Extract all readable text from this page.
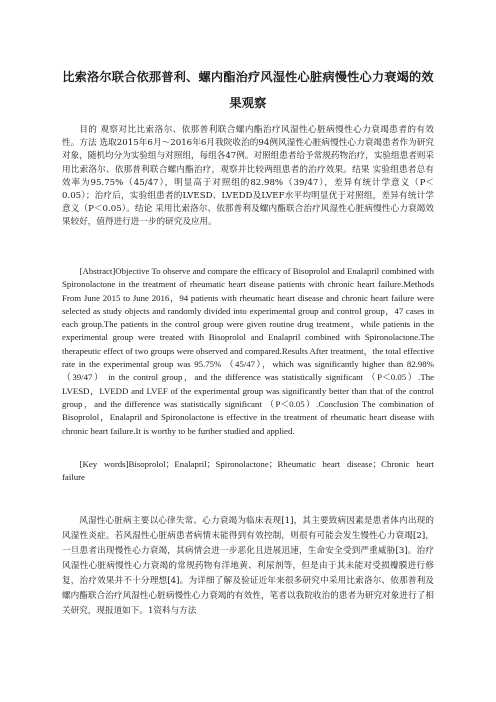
比索洛尔联合依那普利、螺内酯治疗风湿性心脏病慢性心力衰竭的效果观察

目的 观察对比比索洛尔、依那普利联合螺内酯治疗风湿性心脏病慢性心力衰竭患者的有效性。方法 选取2015年6月～2016年6月我院收治的94例风湿性心脏病慢性心力衰竭患者作为研究对象，随机均分为实验组与对照组，每组各47例。对照组患者给予常规药物治疗，实验组患者则采用比索洛尔、依那普利联合螺内酯治疗，观察并比较两组患者的治疗效果。结果 实验组患者总有效率为95.75%（45/47），明显高于对照组的82.98%（39/47），差异有统计学意义（P＜0.05）；治疗后，实验组患者的LVESD、LVEDD及LVEF水平均明显优于对照组，差异有统计学意义（P＜0.05）。结论 采用比索洛尔、依那普利及螺内酯联合治疗风湿性心脏病慢性心力衰竭效果较好，值得进行进一步的研究及应用。

[Abstract]Objective To observe and compare the efficacy of Bisoprolol and Enalapril combined with Spironolactone in the treatment of rheumatic heart disease patients with chronic heart failure.Methods From June 2015 to June 2016，94 patients with rheumatic heart disease and chronic heart failure were selected as study objects and randomly divided into experimental group and control group，47 cases in each group.The patients in the control group were given routine drug treatment，while patients in the experimental group were treated with Bisoprolol and Enalapril combined with Spironolactone.The therapeutic effect of two groups were observed and compared.Results After treatment，the total effective rate in the experimental group was 95.75% （45/47），which was significantly higher than 82.98% （39/47） in the control group，and the difference was statistically significant （P＜0.05）.The LVESD，LVEDD and LVEF of the experimental group was significantly better than that of the control group，and the difference was statistically significant （P＜0.05）.Conclusion The combination of Bisoprolol，Enalapril and Spironolactone is effective in the treatment of rheumatic heart disease with chronic heart failure.It is worthy to be further studied and applied.

[Key words]Bisoprolol；Enalapril；Spironolactone；Rheumatic heart disease；Chronic heart failure

风湿性心脏病主要以心律失常、心力衰竭为临床表现[1]，其主要致病因素是患者体内出现的风湿性炎症。若风湿性心脏病患者病情未能得到有效控制，则很有可能会发生慢性心力衰竭[2]，一旦患者出现慢性心力衰竭，其病情会进一步恶化且进展迅速，生命安全受到严重威胁[3]。治疗风湿性心脏病慢性心力衰竭的常规药物有洋地黄、利尿剂等，但是由于其未能对受损瓣膜进行修复，治疗效果并不十分理想[4]。为详细了解及验证近年来很多研究中采用比索洛尔、依那普利及螺内酯联合治疗风湿性心脏病慢性心力衰竭的有效性，笔者以我院收治的患者为研究对象进行了相关研究，现报道如下。1资料与方法
